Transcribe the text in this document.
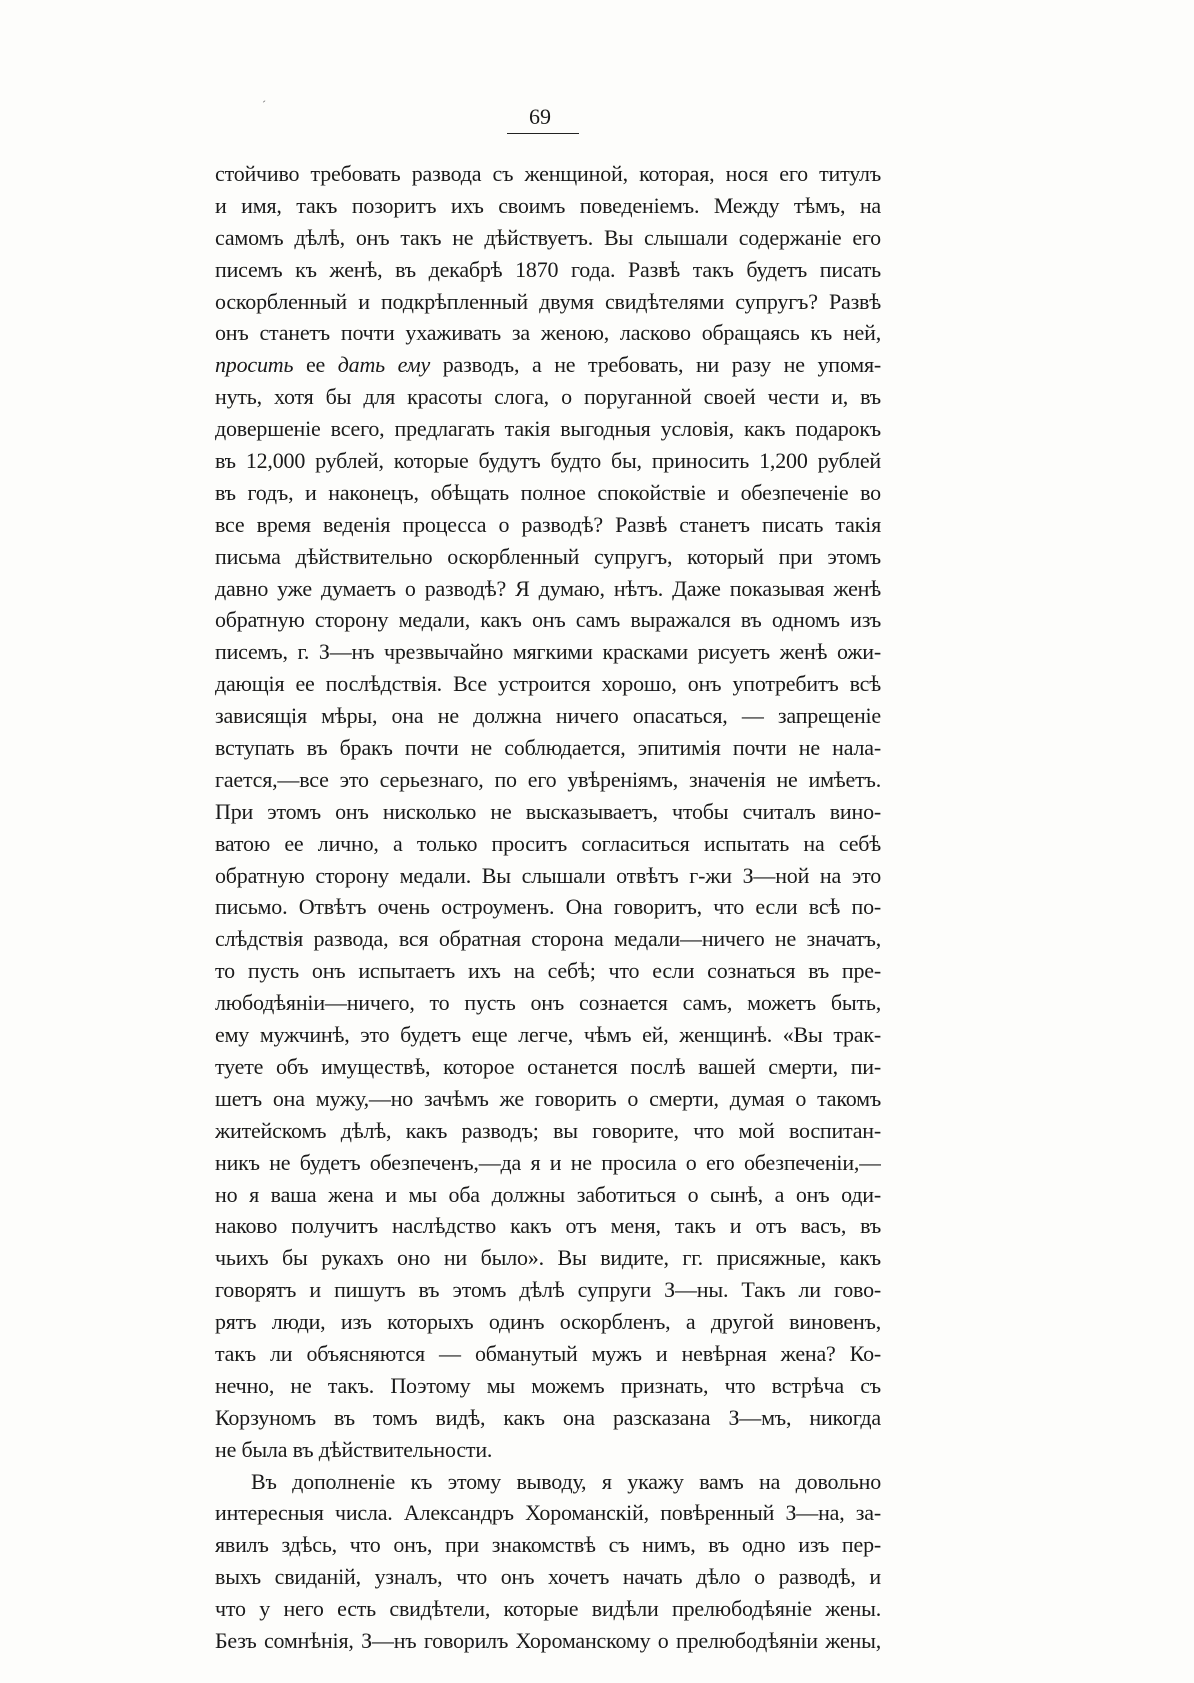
ˊ	69
стойчиво требовать развода съ женщиной, которая, нося его титулъ
и имя, такъ позоритъ ихъ своимъ поведеніемъ. Между тѣмъ, на
самомъ дѣлѣ, онъ такъ не дѣйствуетъ. Вы слышали содержаніе его
писемъ къ женѣ, въ декабрѣ 1870 года. Развѣ такъ будетъ писать
оскорбленный и подкрѣпленный двумя свидѣтелями супругъ? Развѣ
онъ станетъ почти ухаживать за женою, ласково обращаясь къ ней,
просить ее дать ему разводъ, а не требовать, ни разу не упомя-
нуть, хотя бы для красоты слога, о поруганной своей чести и, въ
довершеніе всего, предлагать такія выгодныя условія, какъ подарокъ
въ 12,000 рублей, которые будутъ будто бы, приносить 1,200 рублей
въ годъ, и наконецъ, обѣщать полное спокойствіе и обезпеченіе во
все время веденія процесса о разводѣ? Развѣ станетъ писать такія
письма дѣйствительно оскорбленный супругъ, который при этомъ
давно уже думаетъ о разводѣ? Я думаю, нѣтъ. Даже показывая женѣ
обратную сторону медали, какъ онъ самъ выражался въ одномъ изъ
писемъ, г. З—нъ чрезвычайно мягкими красками рисуетъ женѣ ожи-
дающія ее послѣдствія. Все устроится хорошо, онъ употребитъ всѣ
зависящія мѣры, она не должна ничего опасаться, — запрещеніе
вступать въ бракъ почти не соблюдается, эпитимія почти не нала-
гается,—все это серьезнаго, по его увѣреніямъ, значенія не имѣетъ.
При этомъ онъ нисколько не высказываетъ, чтобы считалъ вино-
ватою ее лично, а только проситъ согласиться испытать на себѣ
обратную сторону медали. Вы слышали отвѣтъ г-жи З—ной на это
письмо. Отвѣтъ очень остроуменъ. Она говоритъ, что если всѣ по-
слѣдствія развода, вся обратная сторона медали—ничего не значатъ,
то пусть онъ испытаетъ ихъ на себѣ; что если сознаться въ пре-
любодѣяніи—ничего, то пусть онъ сознается самъ, можетъ быть,
ему мужчинѣ, это будетъ еще легче, чѣмъ ей, женщинѣ. «Вы трак-
туете объ имуществѣ, которое останется послѣ вашей смерти, пи-
шетъ она мужу,—но зачѣмъ же говорить о смерти, думая о такомъ
житейскомъ дѣлѣ, какъ разводъ; вы говорите, что мой воспитан-
никъ не будетъ обезпеченъ,—да я и не просила о его обезпеченіи,—
но я ваша жена и мы оба должны заботиться о сынѣ, а онъ оди-
наково получитъ наслѣдство какъ отъ меня, такъ и отъ васъ, въ
чьихъ бы рукахъ оно ни было». Вы видите, гг. присяжные, какъ
говорятъ и пишутъ въ этомъ дѣлѣ супруги З—ны. Такъ ли гово-
рятъ люди, изъ которыхъ одинъ оскорбленъ, а другой виновенъ,
такъ ли объясняются — обманутый мужъ и невѣрная жена? Ко-
нечно, не такъ. Поэтому мы можемъ признать, что встрѣча съ
Корзуномъ въ томъ видѣ, какъ она разсказана З—мъ, никогда
не была въ дѣйствительности.
Въ дополненіе къ этому выводу, я укажу вамъ на довольно
интересныя числа. Александръ Хороманскій, повѣренный З—на, за-
явилъ здѣсь, что онъ, при знакомствѣ съ нимъ, въ одно изъ пер-
выхъ свиданій, узналъ, что онъ хочетъ начать дѣло о разводѣ, и
что у него есть свидѣтели, которые видѣли прелюбодѣяніе жены.
Безъ сомнѣнія, З—нъ говорилъ Хороманскому о прелюбодѣяніи жены,
